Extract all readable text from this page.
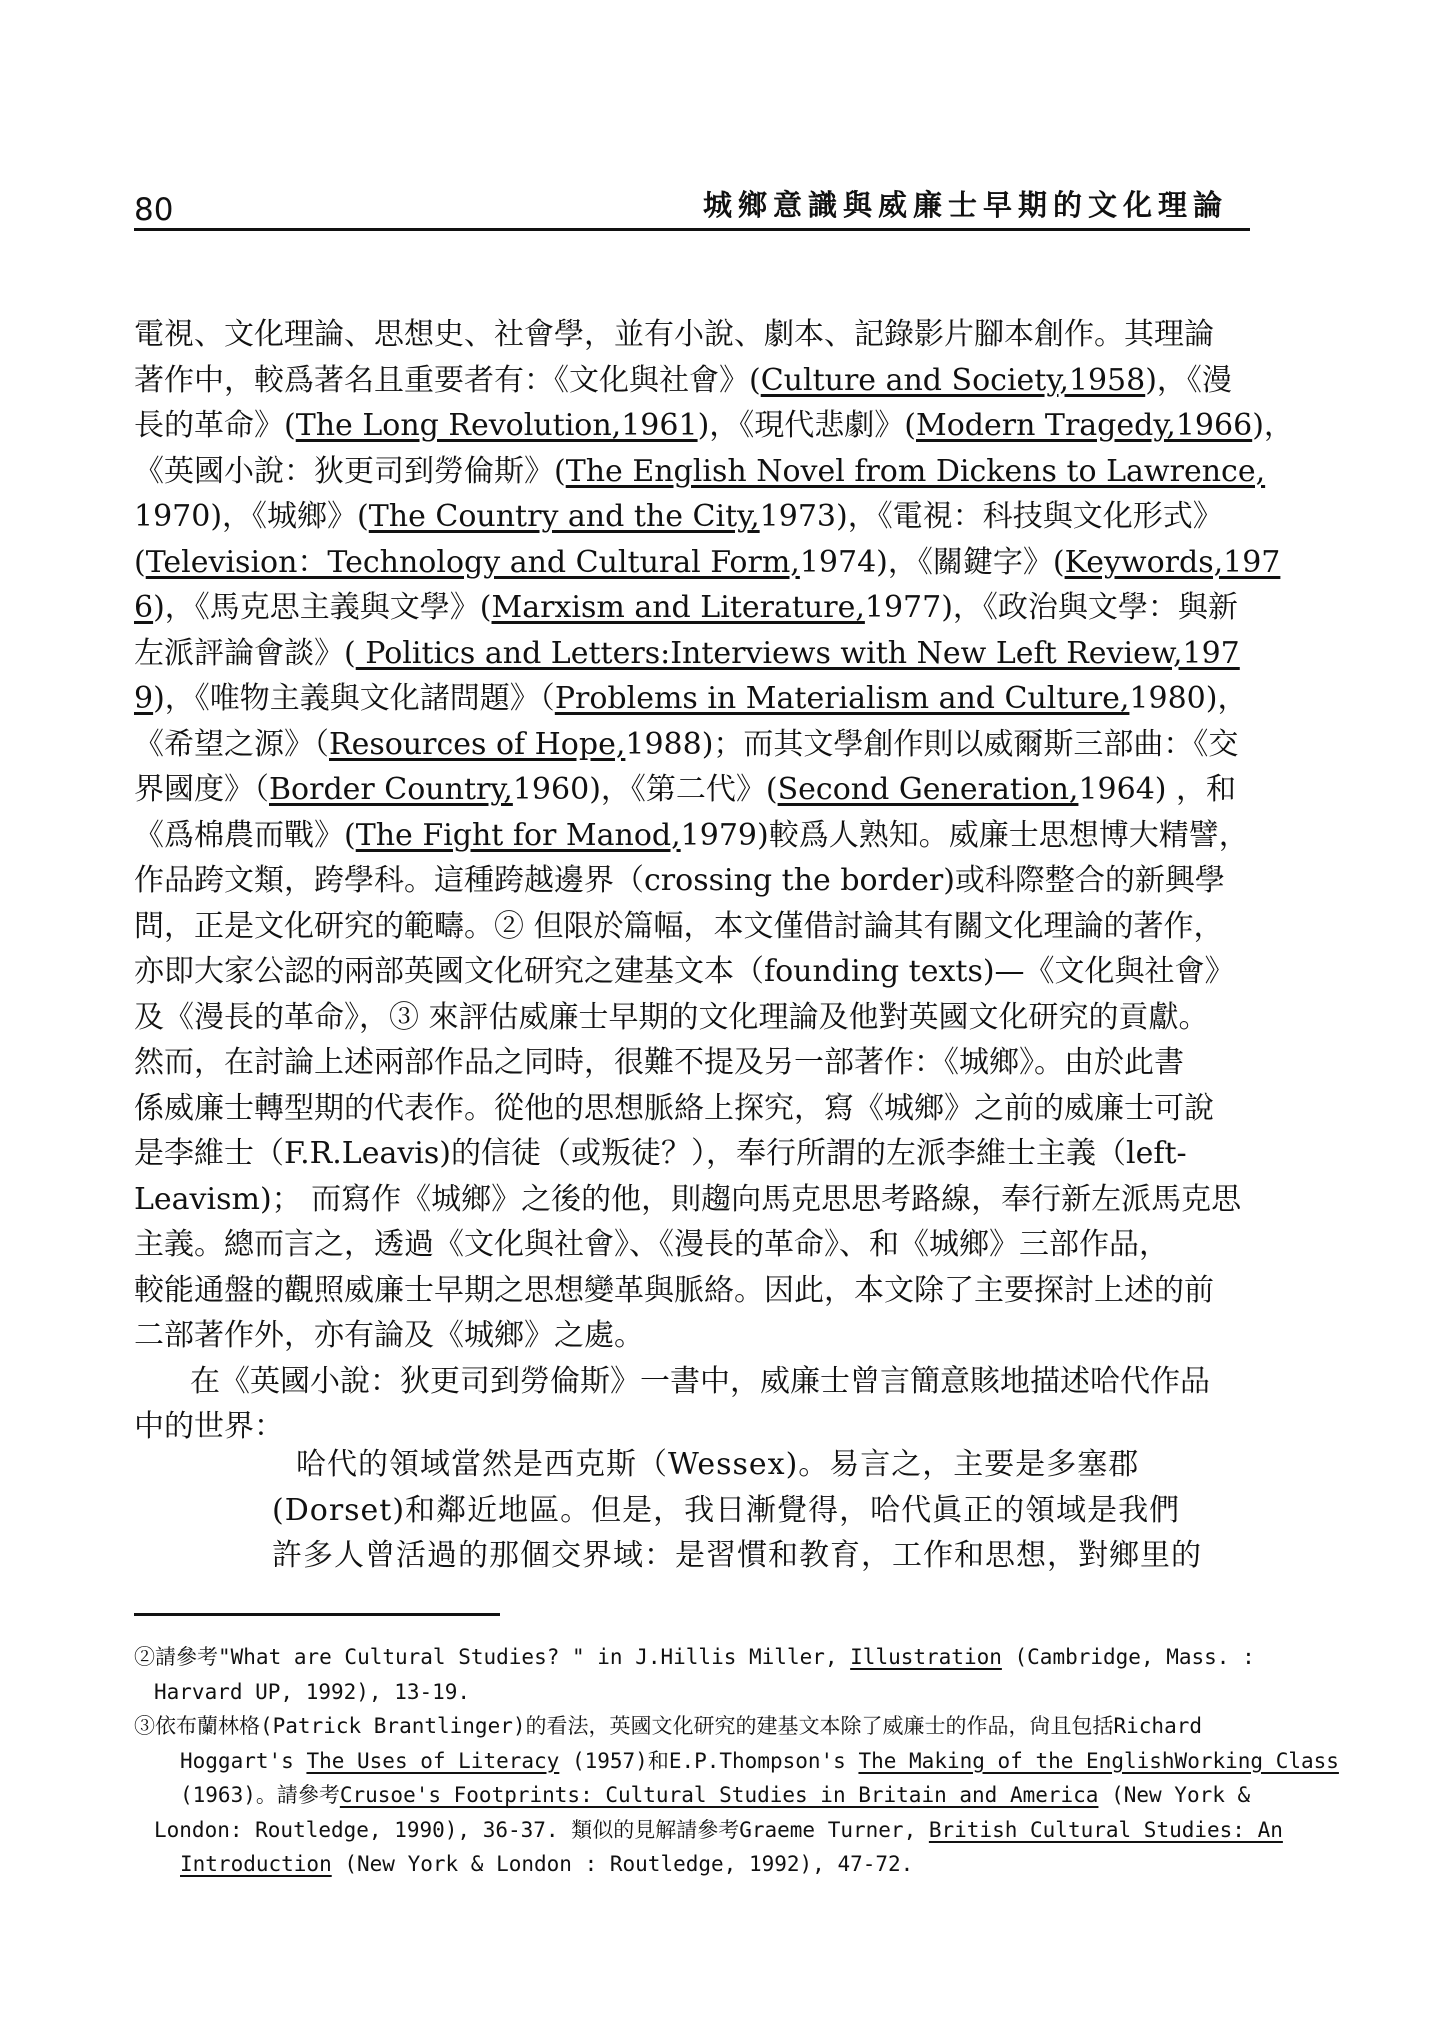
80	城鄉意識與威廉士早期的文化理論
電視、文化理論、思想史、社會學，並有小說、劇本、記錄影片腳本創作。其理論
著作中，較爲著名且重要者有：《文化與社會》(Culture and Society,1958)，《漫
長的革命》(The Long Revolution,1961)，《現代悲劇》(Modern Tragedy,1966)，
《英國小說：狄更司到勞倫斯》(The English Novel from Dickens to Lawrence,
1970)，《城鄉》(The Country and the City,1973)，《電視：科技與文化形式》
(Television：Technology and Cultural Form,1974)，《關鍵字》(Keywords,197
6)，《馬克思主義與文學》(Marxism and Literature,1977)，《政治與文學：與新
左派評論會談》( Politics and Letters:Interviews with New Left Review,197
9)，《唯物主義與文化諸問題》（Problems in Materialism and Culture,1980)，
《希望之源》（Resources of Hope,1988)；而其文學創作則以威爾斯三部曲：《交
界國度》（Border Country,1960)，《第二代》(Second Generation,1964) ，和
《爲棉農而戰》(The Fight for Manod,1979)較爲人熟知。威廉士思想博大精譬，
作品跨文類，跨學科。這種跨越邊界（crossing the border)或科際整合的新興學
問，正是文化研究的範疇。② 但限於篇幅，本文僅借討論其有關文化理論的著作，
亦即大家公認的兩部英國文化研究之建基文本（founding texts)—《文化與社會》
及《漫長的革命》，③ 來評估威廉士早期的文化理論及他對英國文化研究的貢獻。
然而，在討論上述兩部作品之同時，很難不提及另一部著作：《城鄉》。由於此書
係威廉士轉型期的代表作。從他的思想脈絡上探究，寫《城鄉》之前的威廉士可說
是李維士（F.R.Leavis)的信徒（或叛徒？），奉行所謂的左派李維士主義（left-
Leavism)； 而寫作《城鄉》之後的他，則趨向馬克思思考路線，奉行新左派馬克思
主義。總而言之，透過《文化與社會》、《漫長的革命》、和《城鄉》三部作品，
較能通盤的觀照威廉士早期之思想變革與脈絡。因此，本文除了主要探討上述的前
二部著作外，亦有論及《城鄉》之處。
在《英國小說：狄更司到勞倫斯》一書中，威廉士曾言簡意賅地描述哈代作品
中的世界：
哈代的領域當然是西克斯（Wessex)。易言之，主要是多塞郡
(Dorset)和鄰近地區。但是，我日漸覺得，哈代眞正的領域是我們
許多人曾活過的那個交界域：是習慣和教育，工作和思想，對鄉里的
②請參考"What are Cultural Studies? " in J.Hillis Miller, Illustration (Cambridge, Mass. :
Harvard UP, 1992), 13-19.
③依布蘭林格(Patrick Brantlinger)的看法，英國文化研究的建基文本除了威廉士的作品，尙且包括Richard
Hoggart's The Uses of Literacy (1957)和E.P.Thompson's The Making of the EnglishWorking Class
(1963)。請參考Crusoe's Footprints: Cultural Studies in Britain and America (New York &
London: Routledge, 1990), 36-37. 類似的見解請參考Graeme Turner, British Cultural Studies: An
Introduction (New York & London : Routledge, 1992), 47-72.
